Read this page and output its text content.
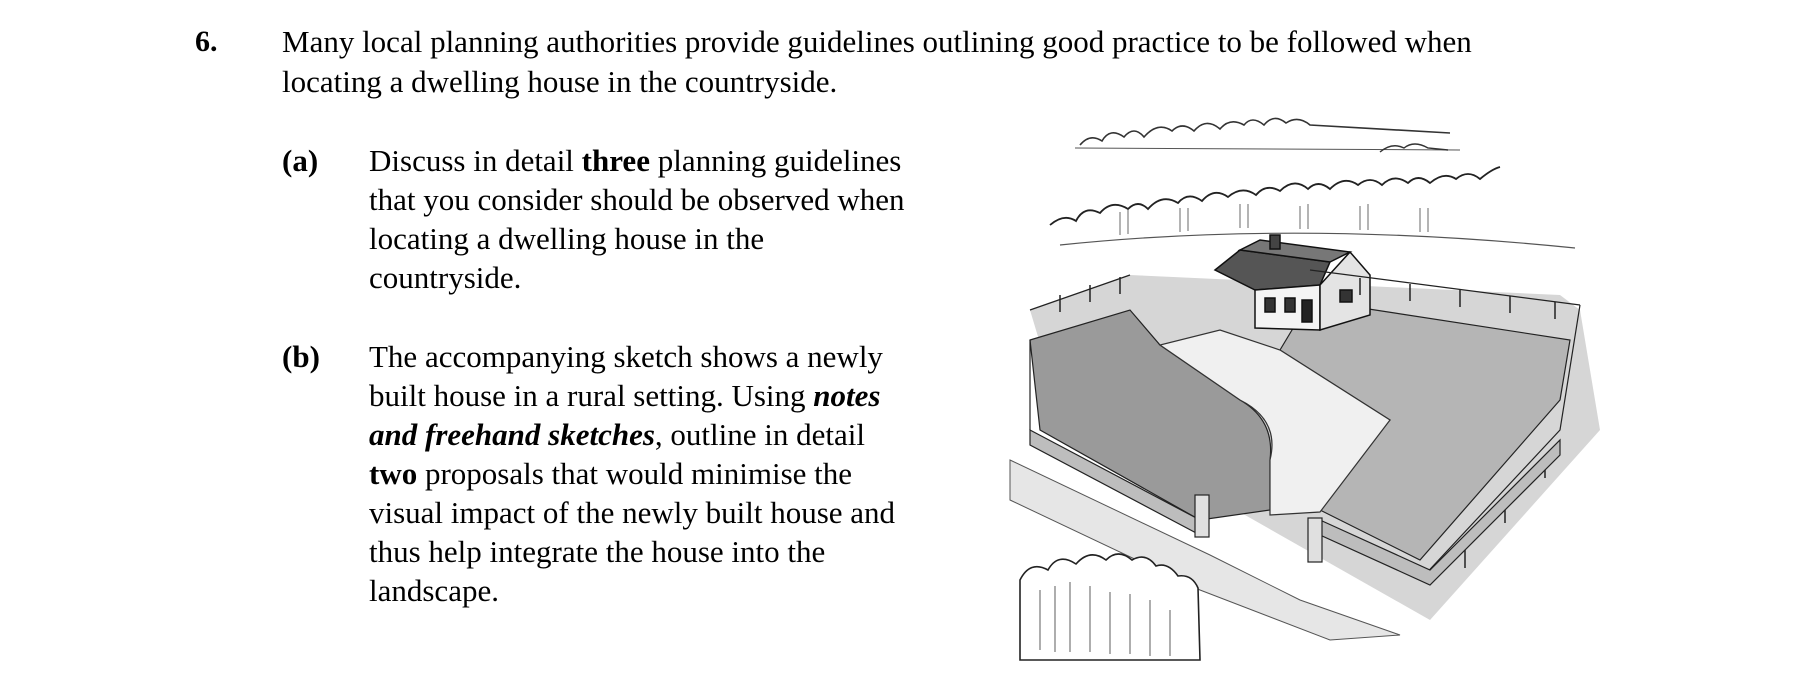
6. Many local planning authorities provide guidelines outlining good practice to be followed when
locating a dwelling house in the countryside.
(a) Discuss in detail three planning guidelines
that you consider should be observed when
locating a dwelling house in the
countryside.
(b) The accompanying sketch shows a newly
built house in a rural setting. Using notes
and freehand sketches, outline in detail
two proposals that would minimise the
visual impact of the newly built house and
thus help integrate the house into the
landscape.
